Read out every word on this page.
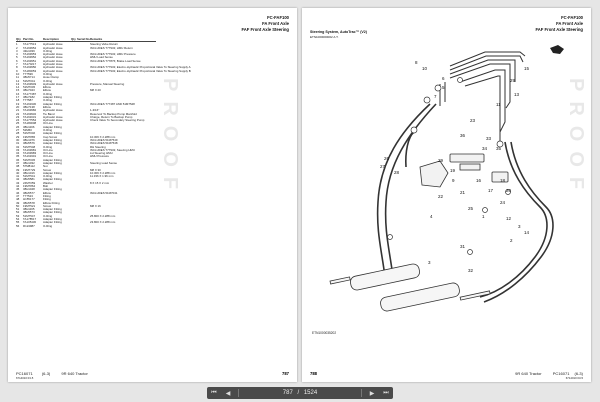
FC-FAF100
FA Front Axle
FAF Front Axle Steering
Qty Part No.	Description	Qty Serial No. Remarks
1	TA177513	Hydraulic Hose	Steering Valve Return
2	TA193954	Hydraulic Hose	INCLUDES T77932; HMU Return
3	43H1039	O-Ring
4	TA193953	Hydraulic Hose	INCLUDES T77932; HMU Pressure
5	TA193952	Hydraulic Hose	HMU Load Sense
6	TA193951	Hydraulic Hose	INCLUDES T77876; Brake Load Sense
7	TA170217	Hydraulic Hose
8	TA193950	Hydraulic Hose	INCLUDES T77932; Electro-Hydraulic Proportional Valve To Steering Supply A
9	TA180053	Hydraulic Hose	INCLUDES T77932; Electro-Hydraulic Proportional Valve To Steering Supply B
10	T77596	O-Ring
11	38H5714	Hose Clamp
12	51M7041	O-Ring
13	TA193949	Hydraulic Hose	Pressure, Manual Steering
14	51M7045	Elbow
15	38H7043	Elbow	M8 X 20
16	TA177487	O-Ring
17	38H7182	Adapter Fitting
18	T77587	O-Ring
19	TA191930	Adapter Fitting	INCLUDES T77487 AND 51M7548
20	38H7138	Elbow
21	TA193982	Hydraulic Hose	1-3/16"
22	TA193932	Tie Band	Reservoir To Backup Pump Manifold
23	TA191631	Hydraulic Hose	Charge, Return To Backup Pump
24	TA177554	Hydraulic Hose	Check Valve To Secondary Steering Pump
25	TA180008	Oil Line
26	38H1166	Adapter Fitting
27	52M60	O-Ring
28	51M7046	Adapter Fitting
29	19M7865	Cap Screw	10.306 X 2.288 mm
30	38H1076	Adapter Fitting	INCLUDES 51M7549
31	38H5576	Adapter Fitting	INCLUDES 51M7548
32	51M7548	O-Ring	RH Steering
33	TA193981	Oil Line	INCLUDES T77932; Steering HMU
34	TA193983	Oil Line	LH Steering HMU
35	TA191901	Oil Line	HMU Pressure
36	51M7045	Adapter Fitting
37	38H1032	Adapter Fitting	Steering Load Sense
38	57M8112	Nut
39	19M7729	Screw	M8 X 30
40	38H1016	Adapter Fitting	10.306 X 2.288 mm
41	51M7541	O-Ring	11.336 X 1.96 mm
42	38H5581	Adapter Fitting
43	24M7059	Washer	8 X 15 X 2 mm
44	19M7864	Bolt
45	38H1048	Adapter Fitting
46	38H5577	Elbow	INCLUDES 51M7041
47	T77523	Fitting
48	H155177	Fitting
49	38H5578	Elbow Fitting
50	19M7521	Screw	M8 X 16
51	38H1165	Adapter Fitting
52	38H5573	Adapter Fitting
53	51M7547	O-Ring	25.800 X 2.288 mm
54	TA178517	Adapter Fitting
55	TA105430	Adapter Fitting	23.800 X 2.288 mm
56	R124987	O-Ring
PROOF
PC16071 (6-3)	9R 640 Tractor
6714010 03-5
787
FC-FAF100
FA Front Axle
FAF Front Axle Steering
Steering System, AutoTrac™ (V2)
ETN1000000002 A.T.
8
10
6
5
7
15
29
13
11
23
36
33
34 35
26
27
28
29
19
9	16	18
20
17
21
22
24
25
1
4	12
3
14
2
31
3
32
ETN1000035202
PROOF
788	9R 640 Tractor	PC16071 (6-3)
6714010 03-5
⏮	◀	787 / 1524	▶	⏭
